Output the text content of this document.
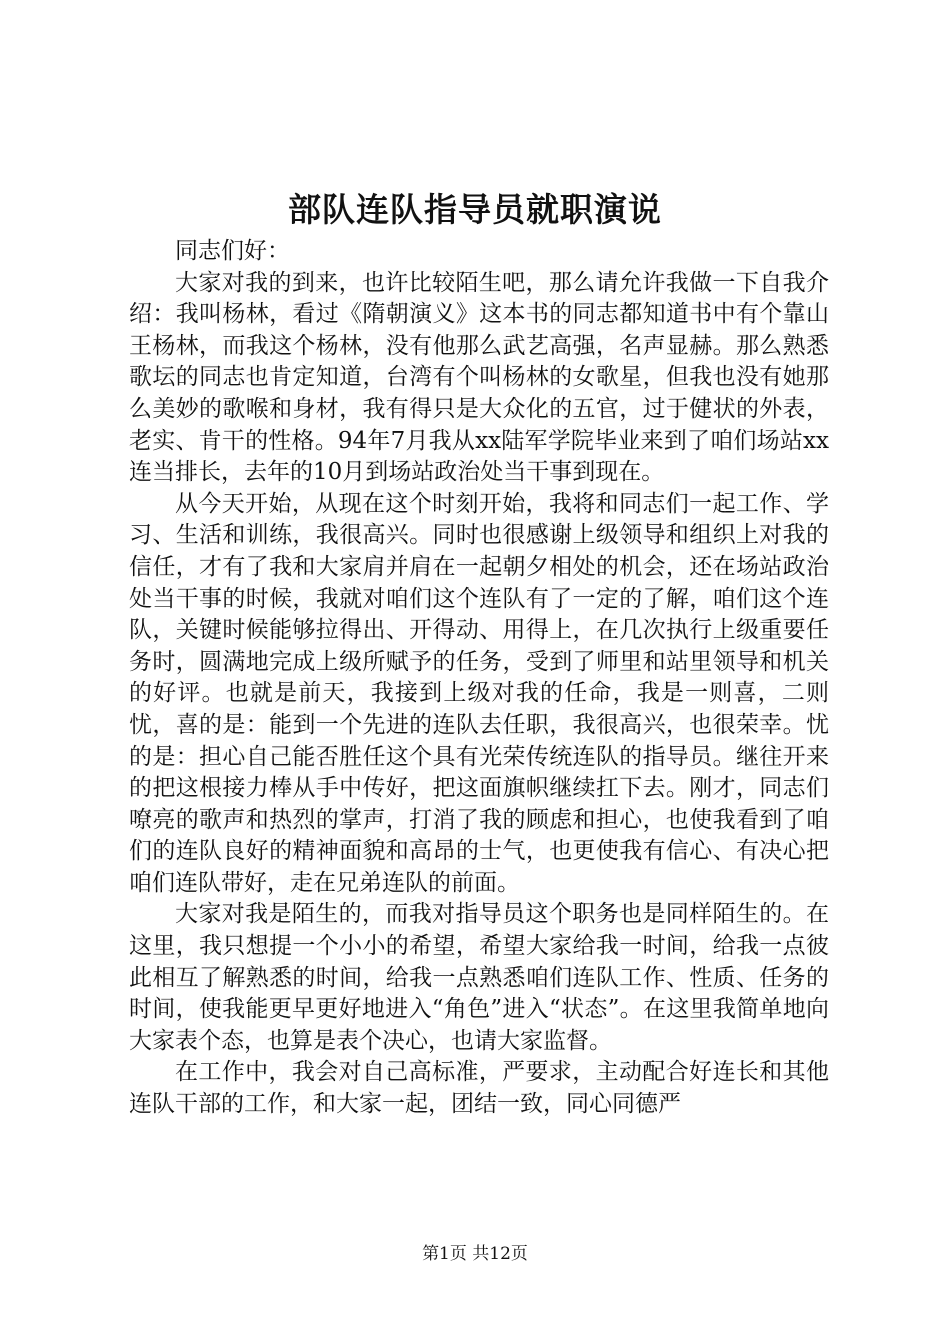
部队连队指导员就职演说

同志们好：

大家对我的到来，也许比较陌生吧，那么请允许我做一下自我介绍：我叫杨林，看过《隋朝演义》这本书的同志都知道书中有个靠山王杨林，而我这个杨林，没有他那么武艺高强，名声显赫。那么熟悉歌坛的同志也肯定知道，台湾有个叫杨林的女歌星，但我也没有她那么美妙的歌喉和身材，我有得只是大众化的五官，过于健状的外表，老实、肯干的性格。94年7月我从xx陆军学院毕业来到了咱们场站xx连当排长，去年的10月到场站政治处当干事到现在。

从今天开始，从现在这个时刻开始，我将和同志们一起工作、学习、生活和训练，我很高兴。同时也很感谢上级领导和组织上对我的信任，才有了我和大家肩并肩在一起朝夕相处的机会，还在场站政治处当干事的时候，我就对咱们这个连队有了一定的了解，咱们这个连队，关键时候能够拉得出、开得动、用得上，在几次执行上级重要任务时，圆满地完成上级所赋予的任务，受到了师里和站里领导和机关的好评。也就是前天，我接到上级对我的任命，我是一则喜，二则忧，喜的是：能到一个先进的连队去任职，我很高兴，也很荣幸。忧的是：担心自己能否胜任这个具有光荣传统连队的指导员。继往开来的把这根接力棒从手中传好，把这面旗帜继续扛下去。刚才，同志们嘹亮的歌声和热烈的掌声，打消了我的顾虑和担心，也使我看到了咱们的连队良好的精神面貌和高昂的士气，也更使我有信心、有决心把咱们连队带好，走在兄弟连队的前面。

大家对我是陌生的，而我对指导员这个职务也是同样陌生的。在这里，我只想提一个小小的希望，希望大家给我一时间，给我一点彼此相互了解熟悉的时间，给我一点熟悉咱们连队工作、性质、任务的时间，使我能更早更好地进入“角色”进入“状态”。在这里我简单地向大家表个态，也算是表个决心，也请大家监督。

在工作中，我会对自己高标准，严要求，主动配合好连长和其他连队干部的工作，和大家一起，团结一致，同心同德严

第1页 共12页
